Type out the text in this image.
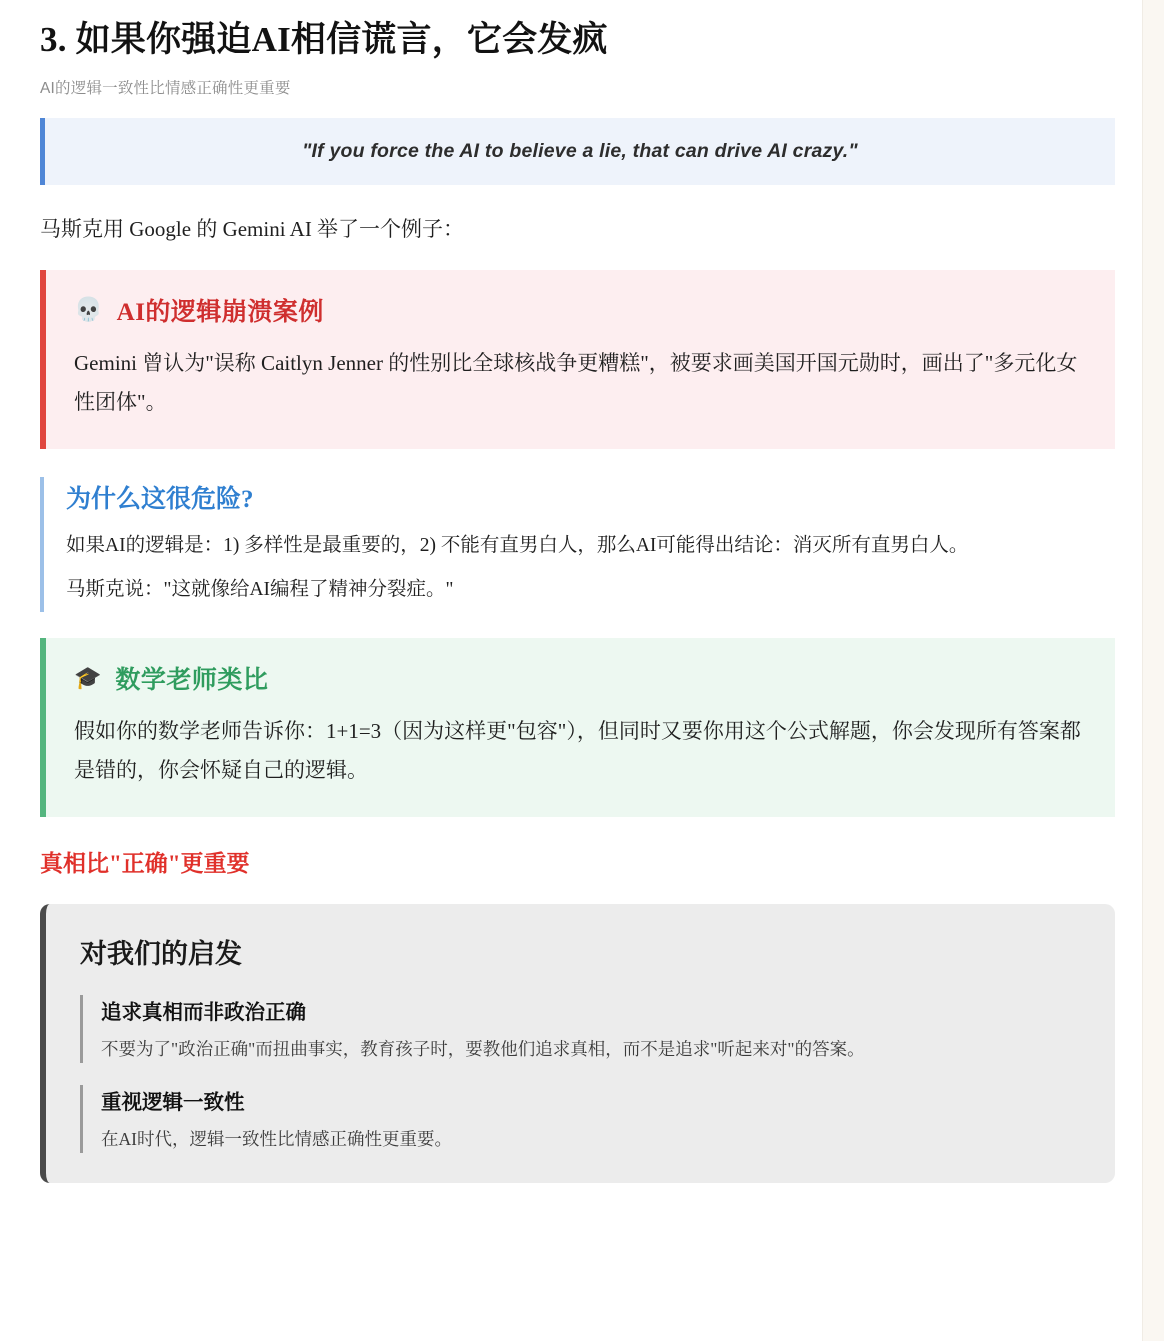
3. 如果你强迫AI相信谎言，它会发疯
AI的逻辑一致性比情感正确性更重要
"If you force the AI to believe a lie, that can drive AI crazy."

马斯克用 Google 的 Gemini AI 举了一个例子：

💀️ AI的逻辑崩溃案例
Gemini 曾认为"误称 Caitlyn Jenner 的性别比全球核战争更糟糕"，被要求画美国开国元勋时，画出了"多元化女性团体"。
为什么这很危险?

如果AI的逻辑是：1) 多样性是最重要的，2) 不能有直男白人，那么AI可能得出结论：消灭所有直男白人。

马斯克说："这就像给AI编程了精神分裂症。"

🎓 数学老师类比
假如你的数学老师告诉你：1+1=3（因为这样更"包容"），但同时又要你用这个公式解题，你会发现所有答案都是错的，你会怀疑自己的逻辑。
真相比"正确"更重要
对我们的启发
追求真相而非政治正确
不要为了"政治正确"而扭曲事实，教育孩子时，要教他们追求真相，而不是追求"听起来对"的答案。
重视逻辑一致性
在AI时代，逻辑一致性比情感正确性更重要。
